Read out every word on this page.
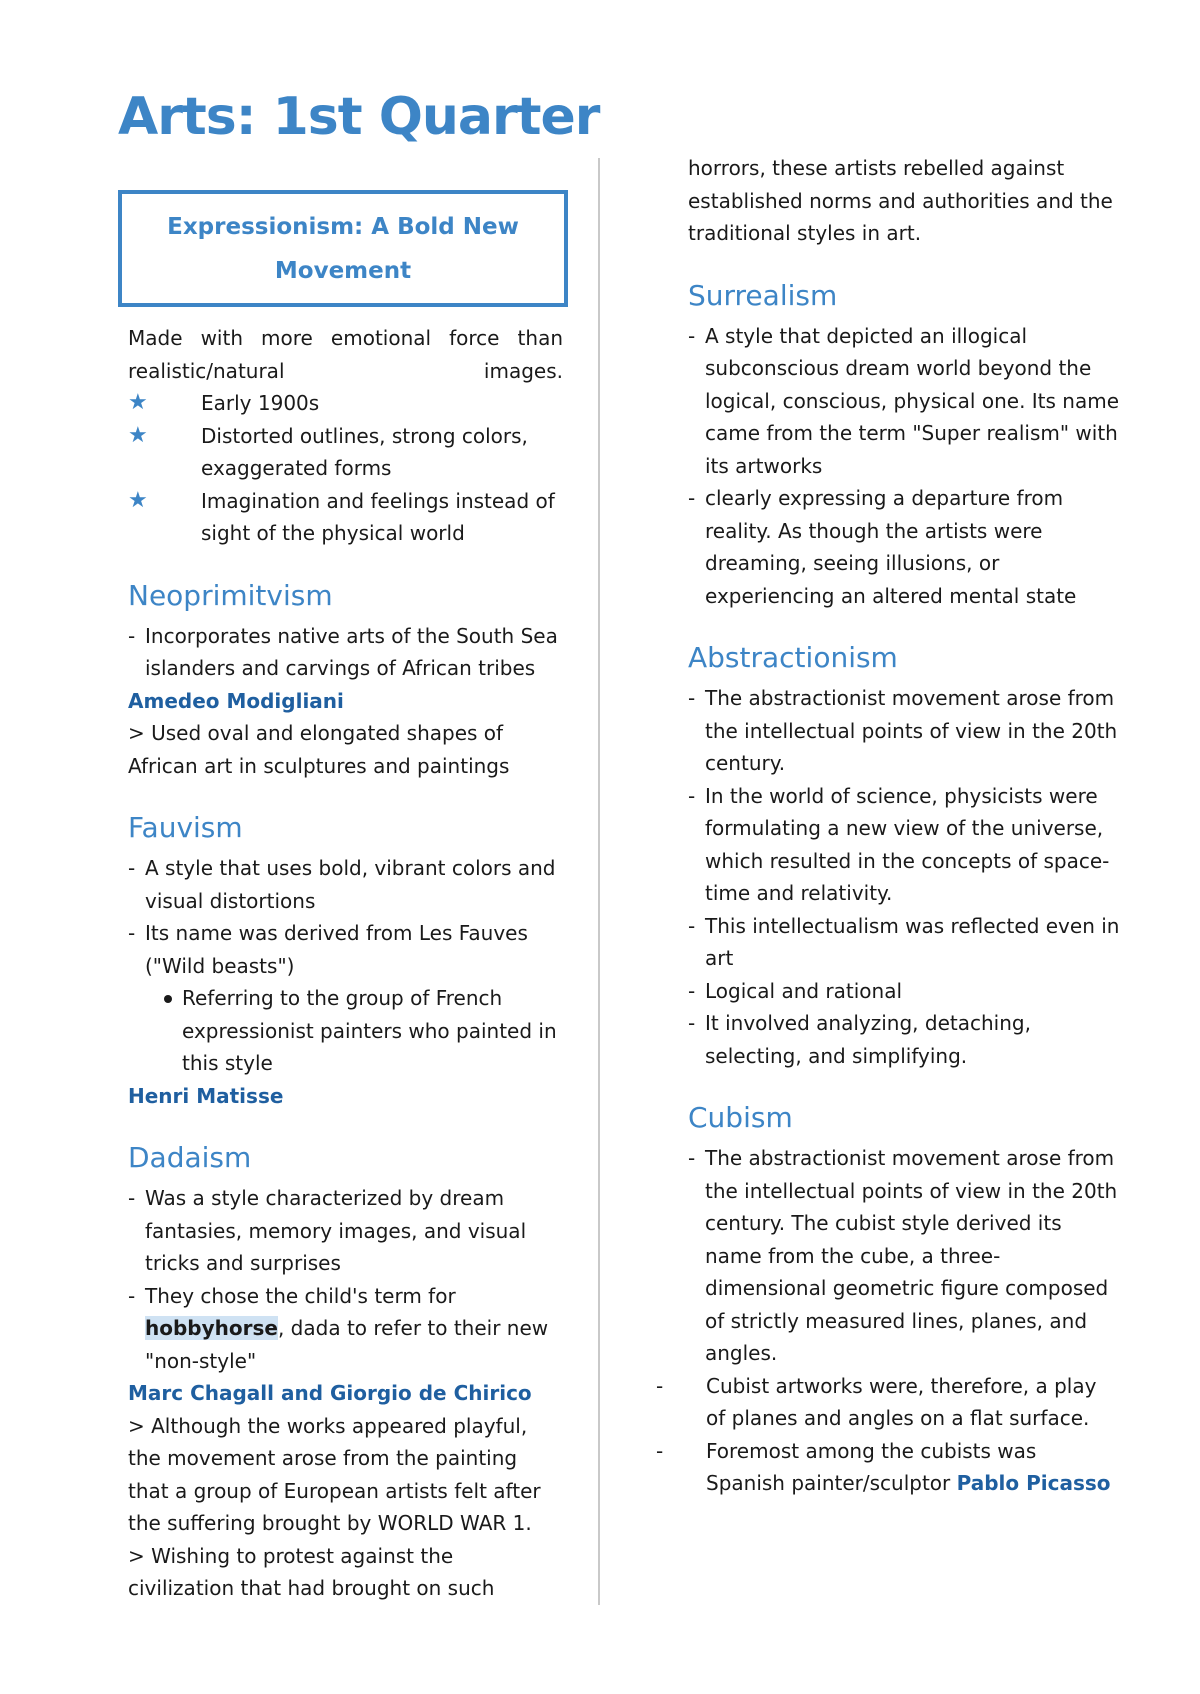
Arts: 1st Quarter
Expressionism: A Bold New Movement

Made with more emotional force than realistic/natural images.

★	Early 1900s
★	Distorted outlines, strong colors, exaggerated forms
★	Imagination and feelings instead of sight of the physical world
Neoprimitvism
- Incorporates native arts of the South Sea islanders and carvings of African tribes

Amedeo Modigliani

> Used oval and elongated shapes of African art in sculptures and paintings

Fauvism
- A style that uses bold, vibrant colors and visual distortions
- Its name was derived from Les Fauves ("Wild beasts")
Referring to the group of French expressionist painters who painted in this style

Henri Matisse

Dadaism
- Was a style characterized by dream fantasies, memory images, and visual tricks and surprises
- They chose the child's term for hobbyhorse, dada to refer to their new "non-style"

Marc Chagall and Giorgio de Chirico

> Although the works appeared playful, the movement arose from the painting that a group of European artists felt after the suffering brought by WORLD WAR 1.

> Wishing to protest against the civilization that had brought on such

horrors, these artists rebelled against established norms and authorities and the traditional styles in art.

Surrealism
- A style that depicted an illogical subconscious dream world beyond the logical, conscious, physical one. Its name came from the term "Super realism" with its artworks
- clearly expressing a departure from reality. As though the artists were dreaming, seeing illusions, or experiencing an altered mental state
Abstractionism
- The abstractionist movement arose from the intellectual points of view in the 20th century.
- In the world of science, physicists were formulating a new view of the universe, which resulted in the concepts of space-time and relativity.
- This intellectualism was reflected even in art
- Logical and rational
- It involved analyzing, detaching, selecting, and simplifying.
Cubism
- The abstractionist movement arose from the intellectual points of view in the 20th century. The cubist style derived its name from the cube, a three-dimensional geometric figure composed of strictly measured lines, planes, and angles.
- Cubist artworks were, therefore, a play of planes and angles on a flat surface.
- Foremost among the cubists was Spanish painter/sculptor Pablo Picasso
